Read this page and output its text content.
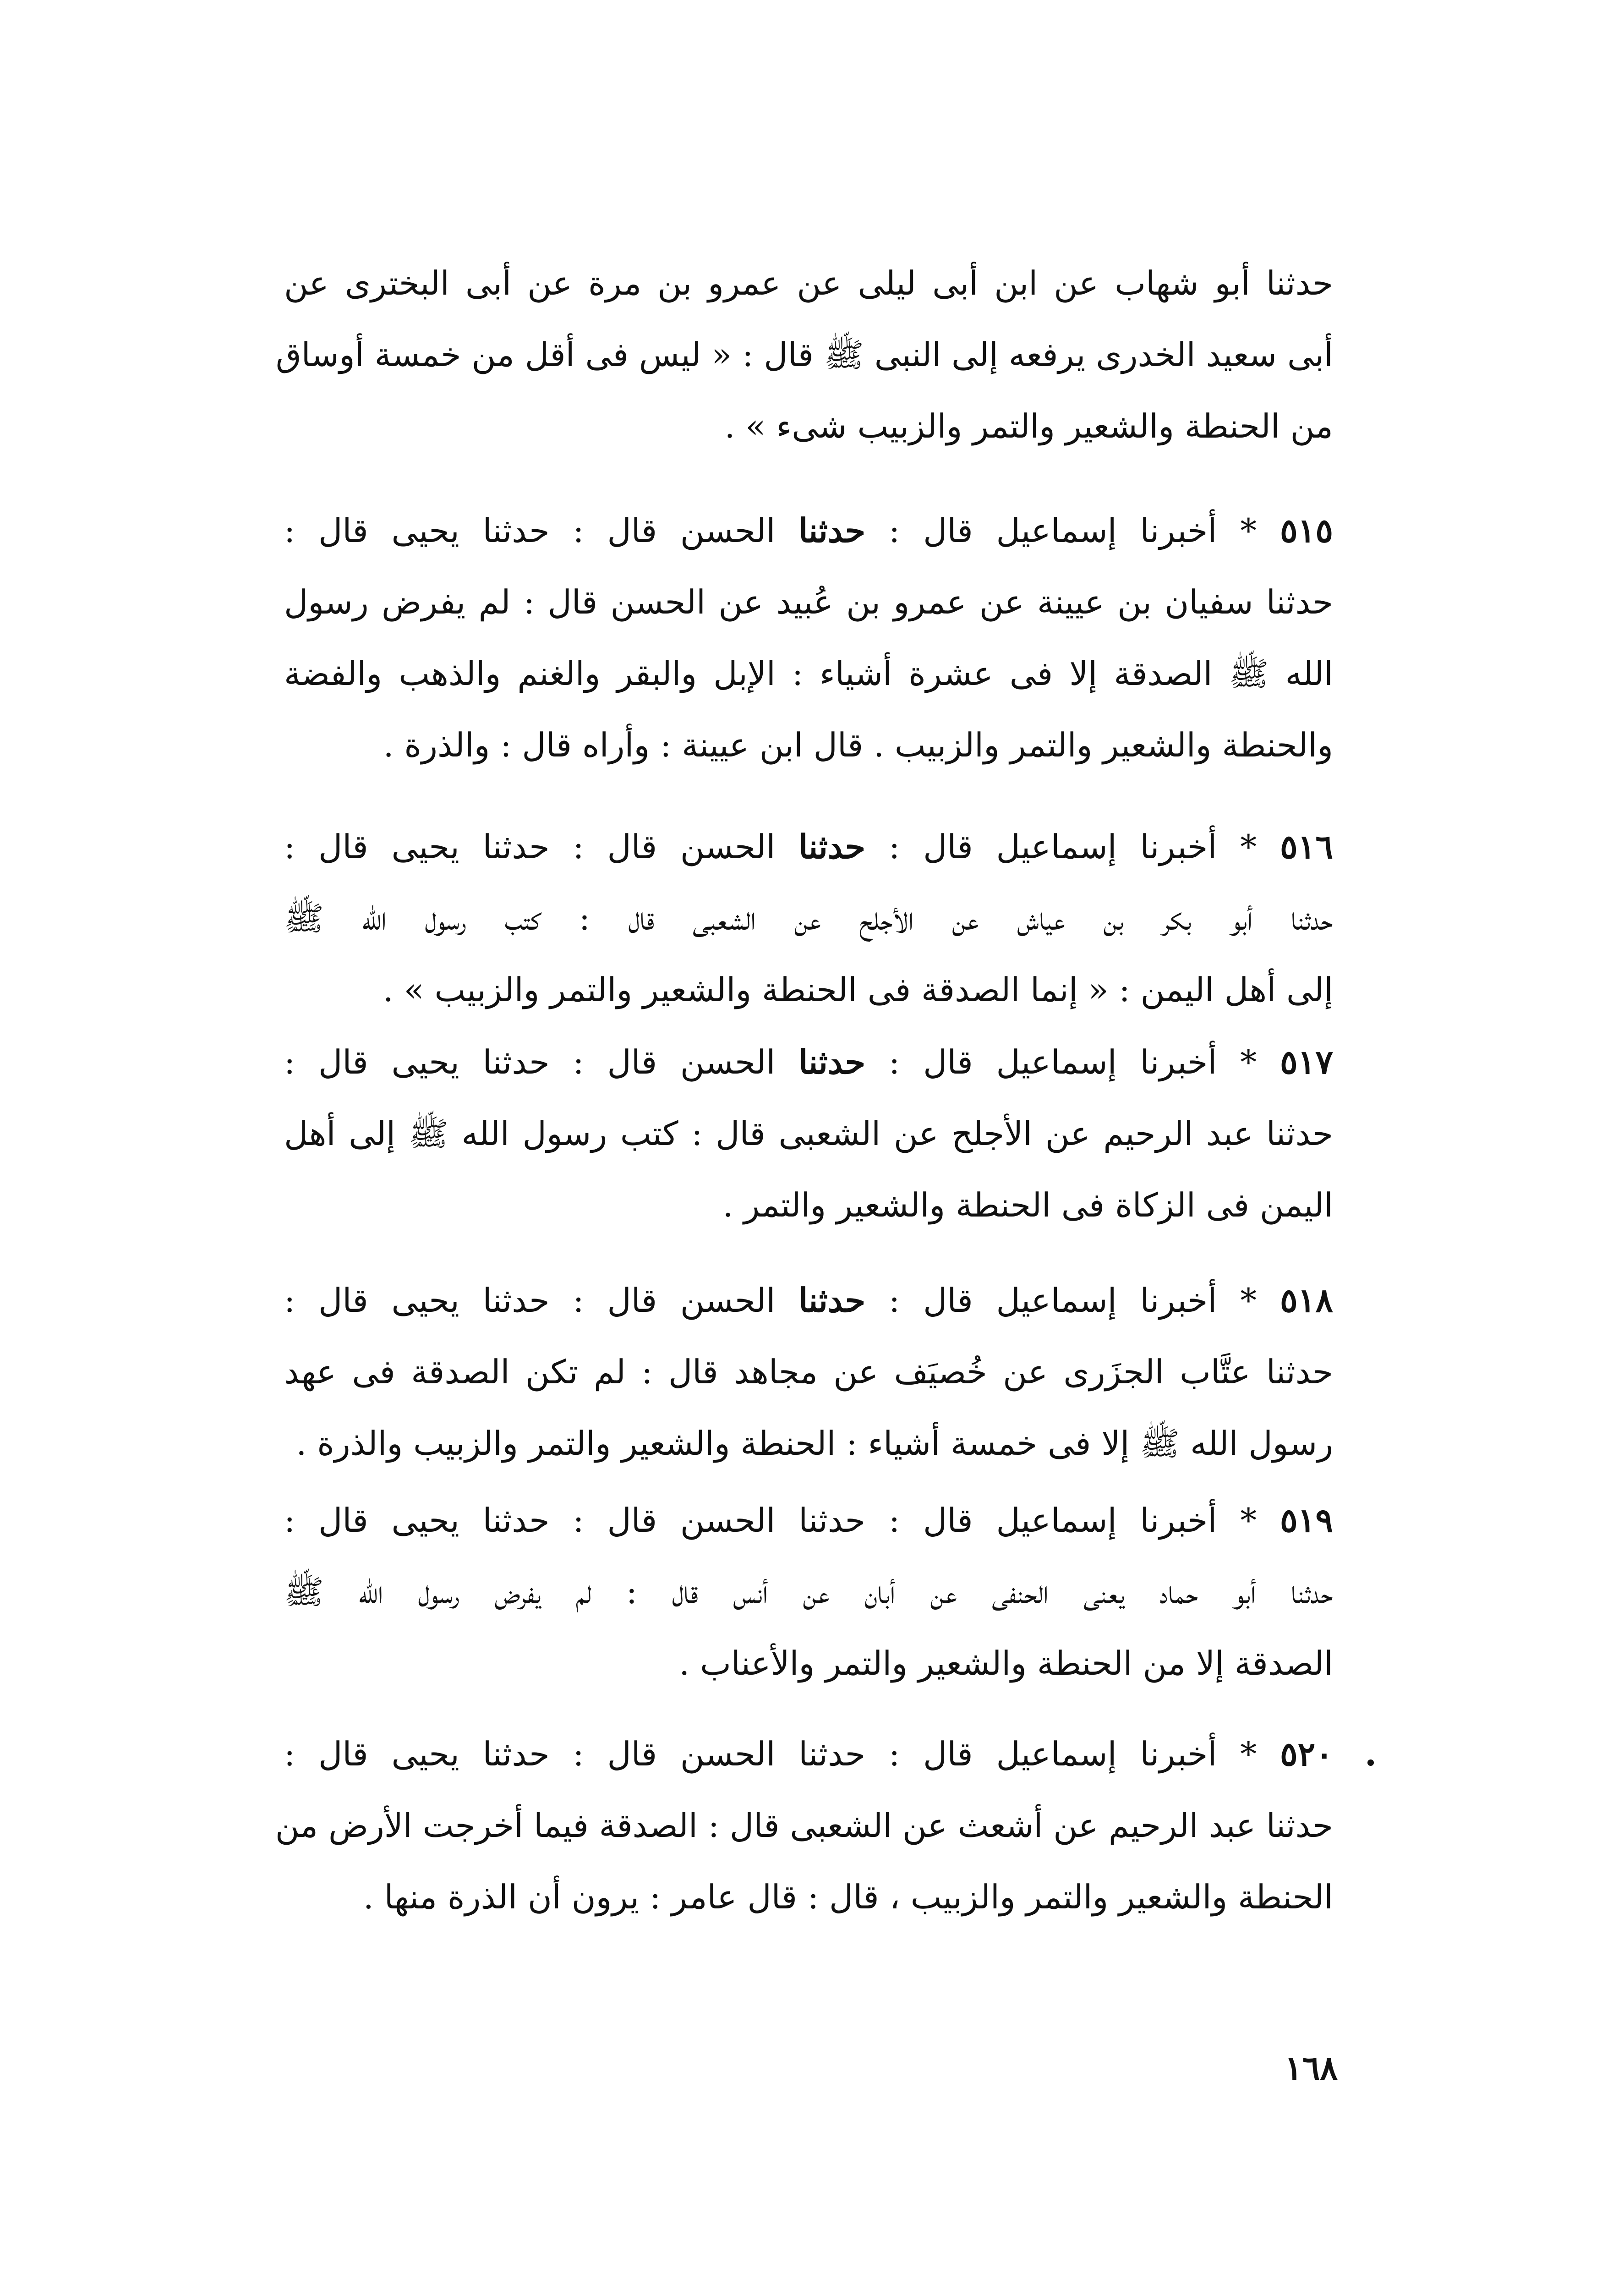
حدثنا أبو شهاب عن ابن أبى ليلى عن عمرو بن مرة عن أبى البخترى عن
أبى سعيد الخدرى يرفعه إلى النبى ﷺ قال : « ليس فى أقل من خمسة أوساق
من الحنطة والشعير والتمر والزبيب شىء » .
٥١٥ * أخبرنا إسماعيل قال : حدثنا الحسن قال : حدثنا يحيى قال :
حدثنا سفيان بن عيينة عن عمرو بن عُبيد عن الحسن قال : لم يفرض رسول
الله ﷺ الصدقة إلا فى عشرة أشياء : الإبل والبقر والغنم والذهب والفضة
والحنطة والشعير والتمر والزبيب . قال ابن عيينة : وأراه قال : والذرة .
٥١٦ * أخبرنا إسماعيل قال : حدثنا الحسن قال : حدثنا يحيى قال :
حدثنا أبو بكر بن عياش عن الأجلح عن الشعبى قال : كتب رسول الله ﷺ
إلى أهل اليمن : « إنما الصدقة فى الحنطة والشعير والتمر والزبيب » .
٥١٧ * أخبرنا إسماعيل قال : حدثنا الحسن قال : حدثنا يحيى قال :
حدثنا عبد الرحيم عن الأجلح عن الشعبى قال : كتب رسول الله ﷺ إلى أهل
اليمن فى الزكاة فى الحنطة والشعير والتمر .
٥١٨ * أخبرنا إسماعيل قال : حدثنا الحسن قال : حدثنا يحيى قال :
حدثنا عتَّاب الجزَرى عن خُصيَف عن مجاهد قال : لم تكن الصدقة فى عهد
رسول الله ﷺ إلا فى خمسة أشياء : الحنطة والشعير والتمر والزبيب والذرة .
٥١٩ * أخبرنا إسماعيل قال : حدثنا الحسن قال : حدثنا يحيى قال :
حدثنا أبو حماد يعنى الحنفى عن أبان عن أنس قال : لم يفرض رسول الله ﷺ
الصدقة إلا من الحنطة والشعير والتمر والأعناب .
٥٢٠ * أخبرنا إسماعيل قال : حدثنا الحسن قال : حدثنا يحيى قال :
حدثنا عبد الرحيم عن أشعث عن الشعبى قال : الصدقة فيما أخرجت الأرض من
الحنطة والشعير والتمر والزبيب ، قال : قال عامر : يرون أن الذرة منها .
١٦٨
